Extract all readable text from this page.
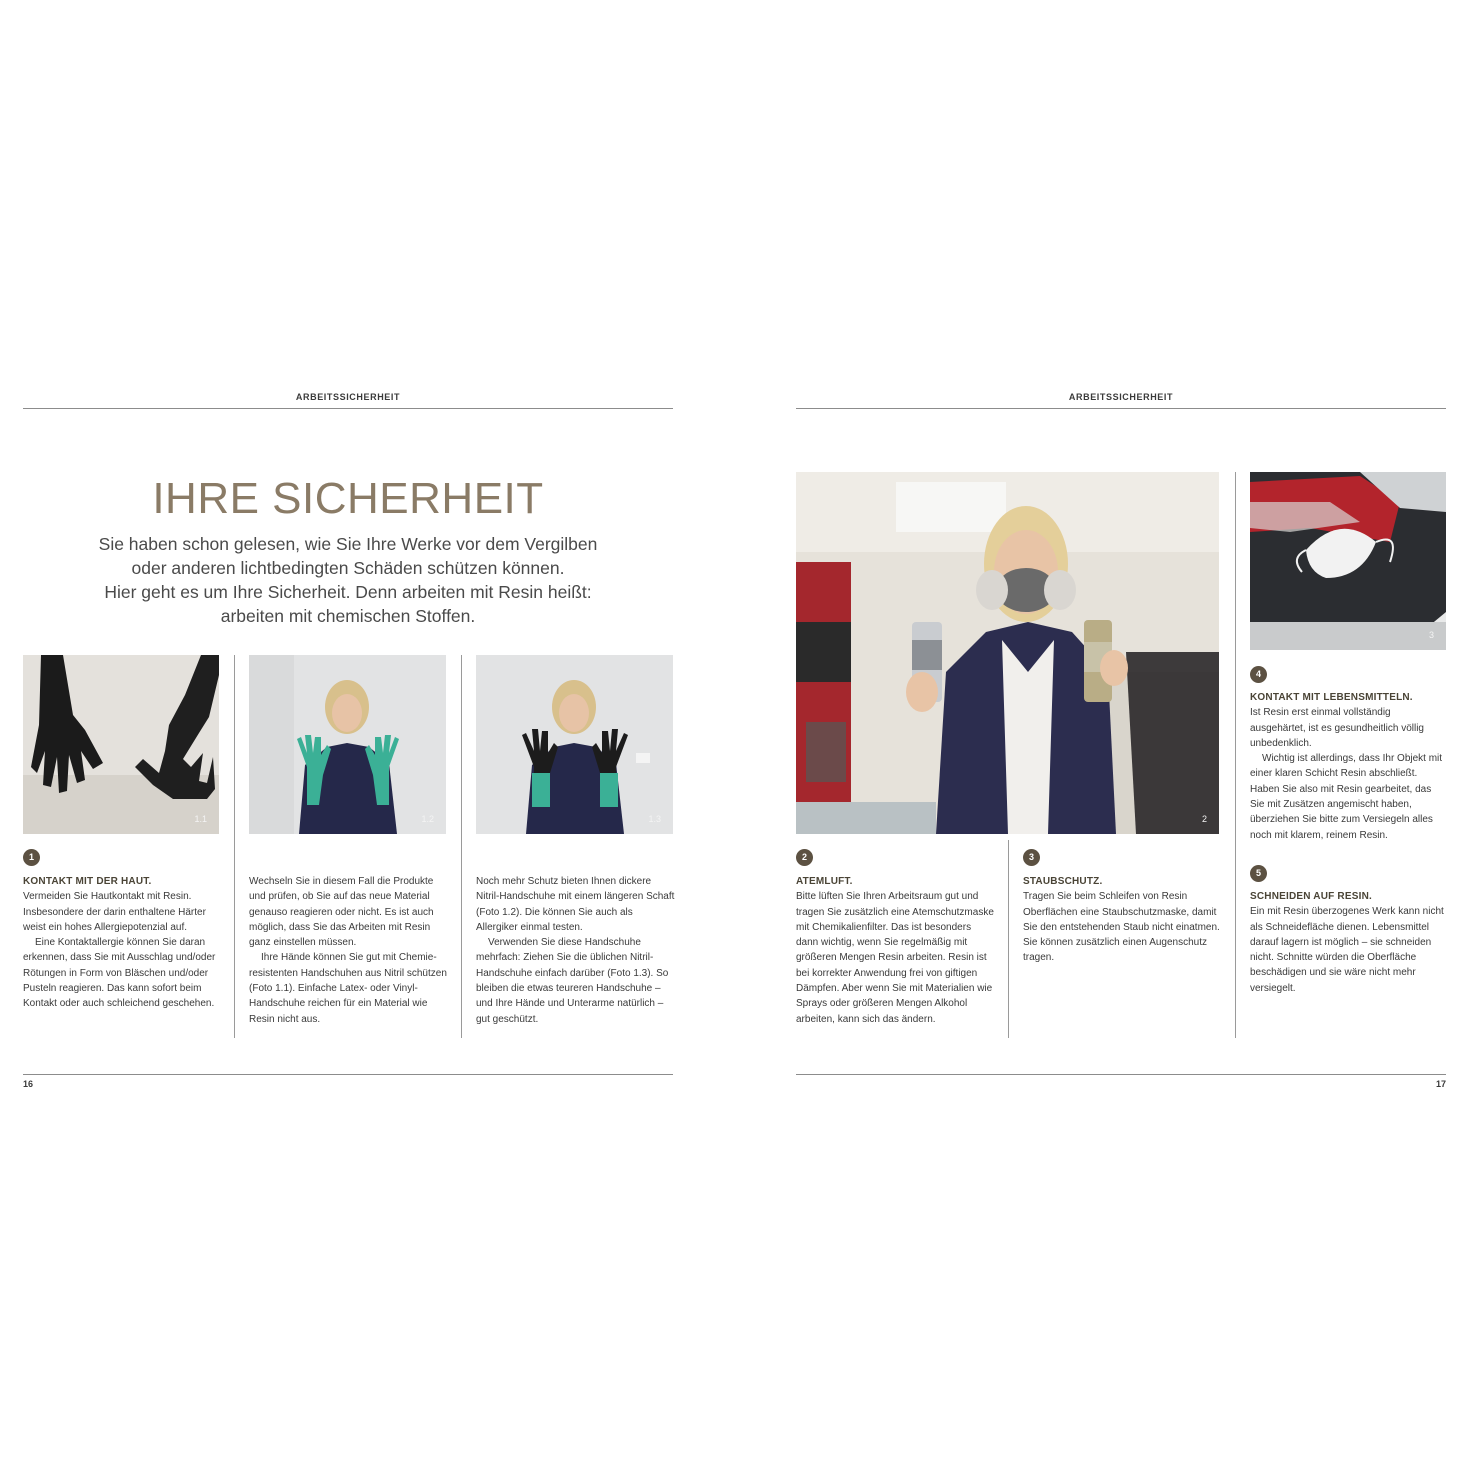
ARBEITSSICHERHEIT
IHRE SICHERHEIT
Sie haben schon gelesen, wie Sie Ihre Werke vor dem Vergilben
oder anderen lichtbedingten Schäden schützen können.
Hier geht es um Ihre Sicherheit. Denn arbeiten mit Resin heißt:
arbeiten mit chemischen Stoffen.
1.1	1.2	1.3
1

KONTAKT MIT DER HAUT.

Vermeiden Sie Hautkontakt mit Resin. Insbesondere der darin enthaltene Härter weist ein hohes Allergiepotenzial auf.

Eine Kontaktallergie können Sie daran erkennen, dass Sie mit Ausschlag und/oder Rötungen in Form von Bläschen und/oder Pusteln reagieren. Das kann sofort beim Kontakt oder auch schleichend geschehen.

Wechseln Sie in diesem Fall die Produkte und prüfen, ob Sie auf das neue Material genauso reagieren oder nicht. Es ist auch möglich, dass Sie das Arbeiten mit Resin ganz einstellen müssen.

Ihre Hände können Sie gut mit Chemie-resistenten Handschuhen aus Nitril schützen (Foto 1.1). Einfache Latex- oder Vinyl-Handschuhe reichen für ein Material wie Resin nicht aus.

Noch mehr Schutz bieten Ihnen dickere Nitril-Handschuhe mit einem längeren Schaft (Foto 1.2). Die können Sie auch als Allergiker einmal testen.

Verwenden Sie diese Handschuhe mehrfach: Ziehen Sie die üblichen Nitril-Handschuhe einfach darüber (Foto 1.3). So bleiben die etwas teureren Handschuhe – und Ihre Hände und Unterarme natürlich – gut geschützt.

16
ARBEITSSICHERHEIT
2
3
2

ATEMLUFT.

Bitte lüften Sie Ihren Arbeitsraum gut und tragen Sie zusätzlich eine Atemschutzmaske mit Chemikalienfilter. Das ist besonders dann wichtig, wenn Sie regelmäßig mit größeren Mengen Resin arbeiten. Resin ist bei korrekter Anwendung frei von giftigen Dämpfen. Aber wenn Sie mit Materialien wie Sprays oder größeren Mengen Alkohol arbeiten, kann sich das ändern.

3

STAUBSCHUTZ.

Tragen Sie beim Schleifen von Resin Oberflächen eine Staubschutzmaske, damit Sie den entstehenden Staub nicht einatmen. Sie können zusätzlich einen Augenschutz tragen.

4

KONTAKT MIT LEBENSMITTELN.

Ist Resin erst einmal vollständig ausgehärtet, ist es gesundheitlich völlig unbedenklich.

Wichtig ist allerdings, dass Ihr Objekt mit einer klaren Schicht Resin abschließt. Haben Sie also mit Resin gearbeitet, das Sie mit Zusätzen angemischt haben, überziehen Sie bitte zum Versiegeln alles noch mit klarem, reinem Resin.

5

SCHNEIDEN AUF RESIN.

Ein mit Resin überzogenes Werk kann nicht als Schneidefläche dienen. Lebensmittel darauf lagern ist möglich – sie schneiden nicht. Schnitte würden die Oberfläche beschädigen und sie wäre nicht mehr versiegelt.

17
